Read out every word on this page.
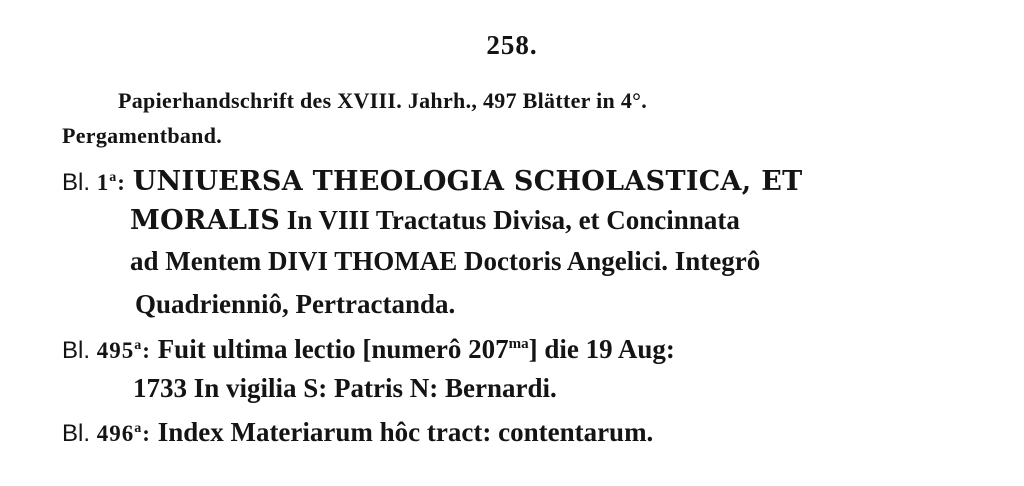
258.
Papierhandschrift des XVIII. Jahrh., 497 Blätter in 4°.
Pergamentband.
Bl. 1$^a$: UNIUERSA THEOLOGIA SCHOLASTICA, ET
MORALIS In VIII Tractatus Divisa, et Concinnata
ad Mentem DIVI THOMAE Doctoris Angelici. Integrô
Quadrienniô, Pertractanda.
Bl. 495$^a$: Fuit ultima lectio [numerô $207^{ma}$] die 19 Aug:
1733 In vigilia S: Patris N: Bernardi.
Bl. 496$^a$: Index Materiarum hôc tract: contentarum.
